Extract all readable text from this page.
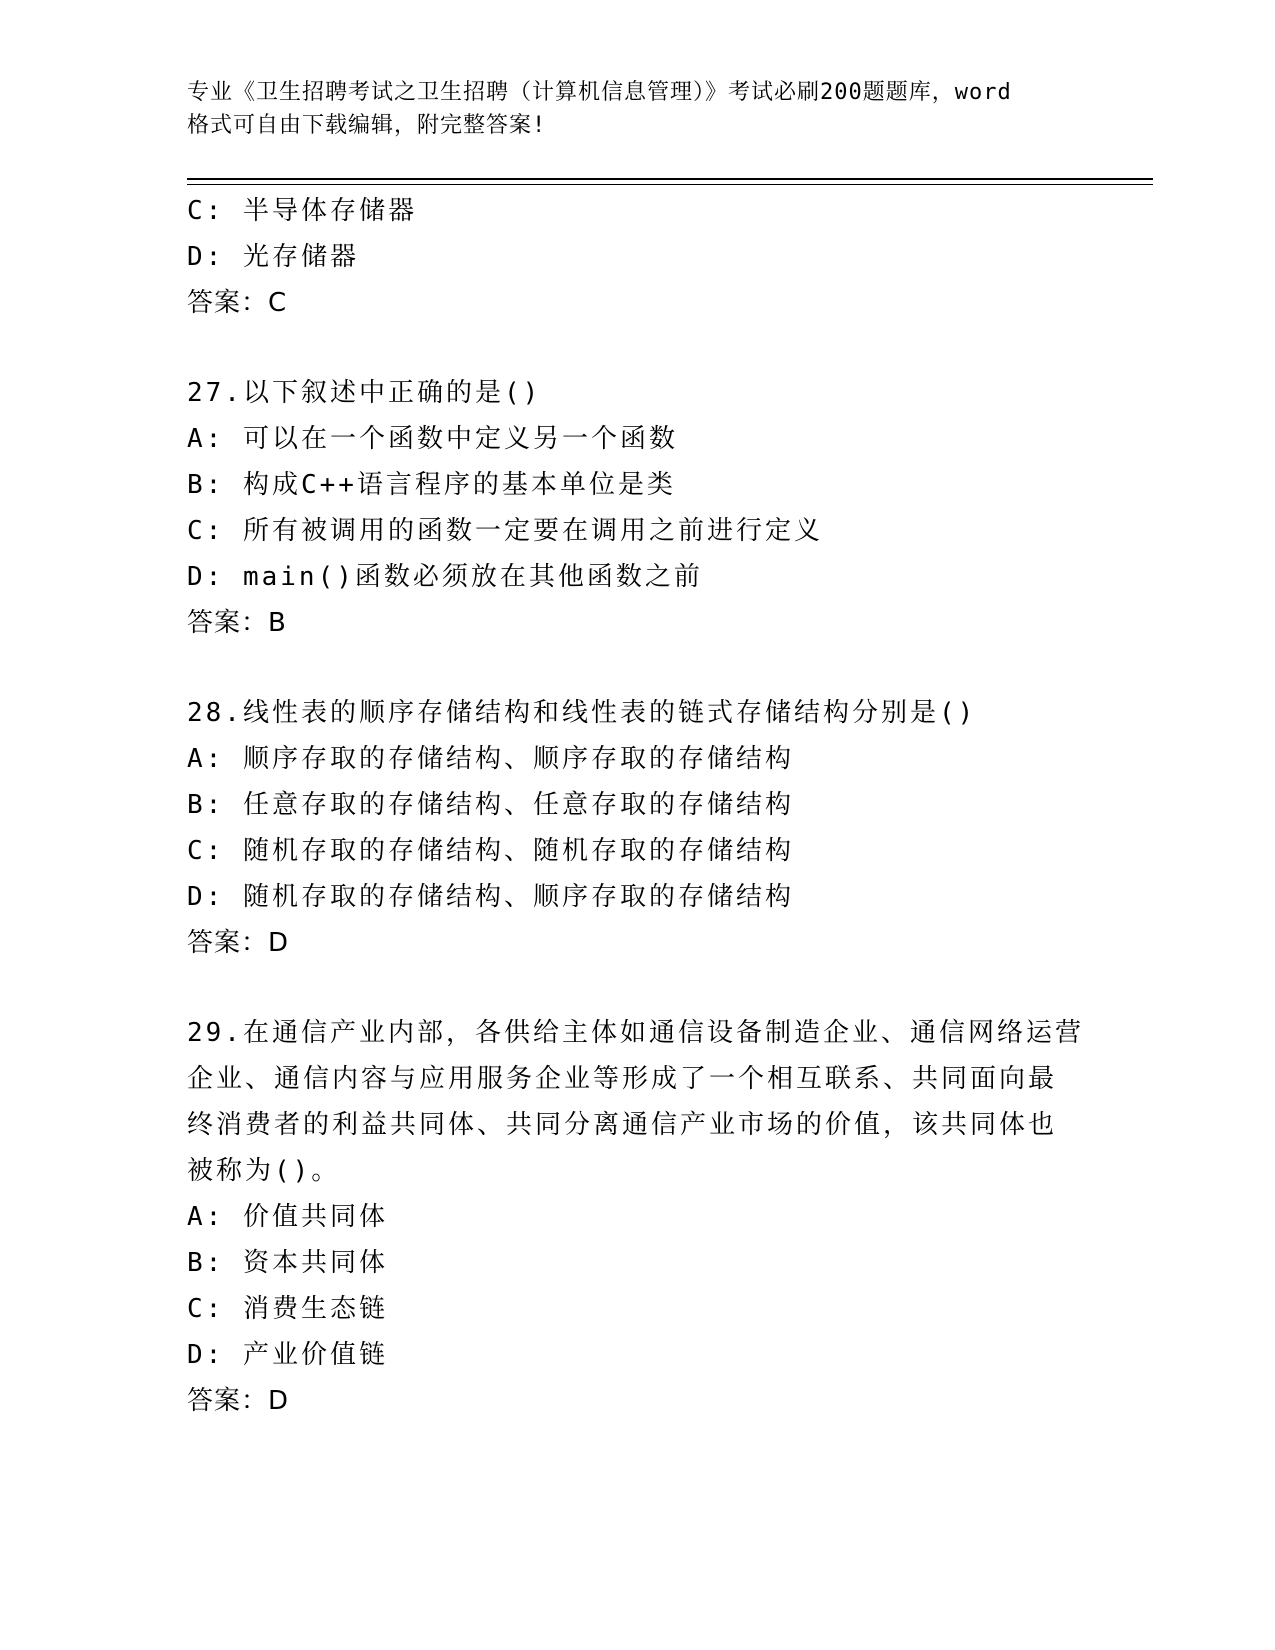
专业《卫生招聘考试之卫生招聘（计算机信息管理）》考试必刷200题题库，word
格式可自由下载编辑，附完整答案!
C: 半导体存储器
D: 光存储器
答案：C
27.以下叙述中正确的是()
A: 可以在一个函数中定义另一个函数
B: 构成C++语言程序的基本单位是类
C: 所有被调用的函数一定要在调用之前进行定义
D: main()函数必须放在其他函数之前
答案：B
28.线性表的顺序存储结构和线性表的链式存储结构分别是()
A: 顺序存取的存储结构、顺序存取的存储结构
B: 任意存取的存储结构、任意存取的存储结构
C: 随机存取的存储结构、随机存取的存储结构
D: 随机存取的存储结构、顺序存取的存储结构
答案：D
29.在通信产业内部，各供给主体如通信设备制造企业、通信网络运营
企业、通信内容与应用服务企业等形成了一个相互联系、共同面向最
终消费者的利益共同体、共同分离通信产业市场的价值，该共同体也
被称为()。
A: 价值共同体
B: 资本共同体
C: 消费生态链
D: 产业价值链
答案：D
